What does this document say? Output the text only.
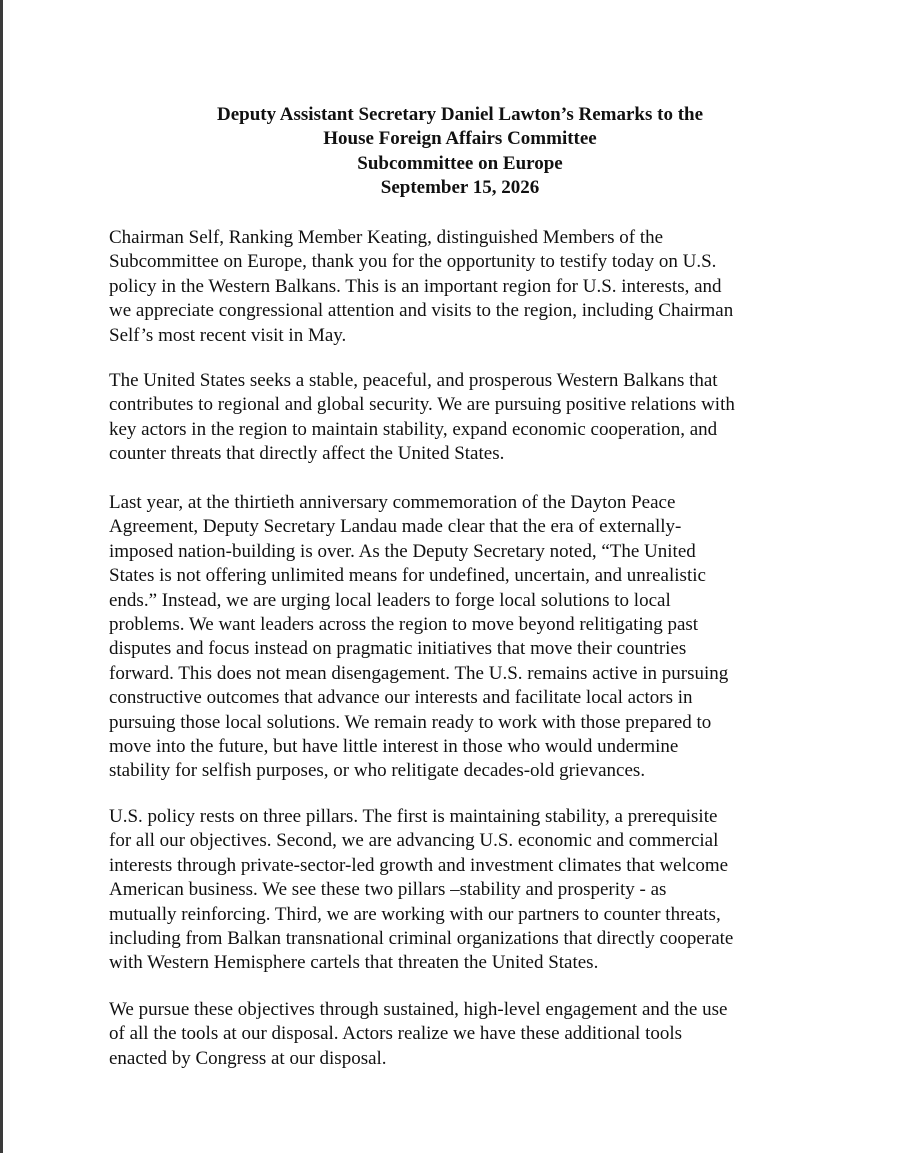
Deputy Assistant Secretary Daniel Lawton’s Remarks to the
House Foreign Affairs Committee
Subcommittee on Europe
September 15, 2026
Chairman Self, Ranking Member Keating, distinguished Members of the
Subcommittee on Europe, thank you for the opportunity to testify today on U.S.
policy in the Western Balkans. This is an important region for U.S. interests, and
we appreciate congressional attention and visits to the region, including Chairman
Self’s most recent visit in May.
The United States seeks a stable, peaceful, and prosperous Western Balkans that
contributes to regional and global security. We are pursuing positive relations with
key actors in the region to maintain stability, expand economic cooperation, and
counter threats that directly affect the United States.
Last year, at the thirtieth anniversary commemoration of the Dayton Peace
Agreement, Deputy Secretary Landau made clear that the era of externally-
imposed nation-building is over. As the Deputy Secretary noted, “The United
States is not offering unlimited means for undefined, uncertain, and unrealistic
ends.” Instead, we are urging local leaders to forge local solutions to local
problems. We want leaders across the region to move beyond relitigating past
disputes and focus instead on pragmatic initiatives that move their countries
forward. This does not mean disengagement. The U.S. remains active in pursuing
constructive outcomes that advance our interests and facilitate local actors in
pursuing those local solutions. We remain ready to work with those prepared to
move into the future, but have little interest in those who would undermine
stability for selfish purposes, or who relitigate decades-old grievances.
U.S. policy rests on three pillars. The first is maintaining stability, a prerequisite
for all our objectives. Second, we are advancing U.S. economic and commercial
interests through private-sector-led growth and investment climates that welcome
American business. We see these two pillars –stability and prosperity - as
mutually reinforcing. Third, we are working with our partners to counter threats,
including from Balkan transnational criminal organizations that directly cooperate
with Western Hemisphere cartels that threaten the United States.
We pursue these objectives through sustained, high-level engagement and the use
of all the tools at our disposal. Actors realize we have these additional tools
enacted by Congress at our disposal.
